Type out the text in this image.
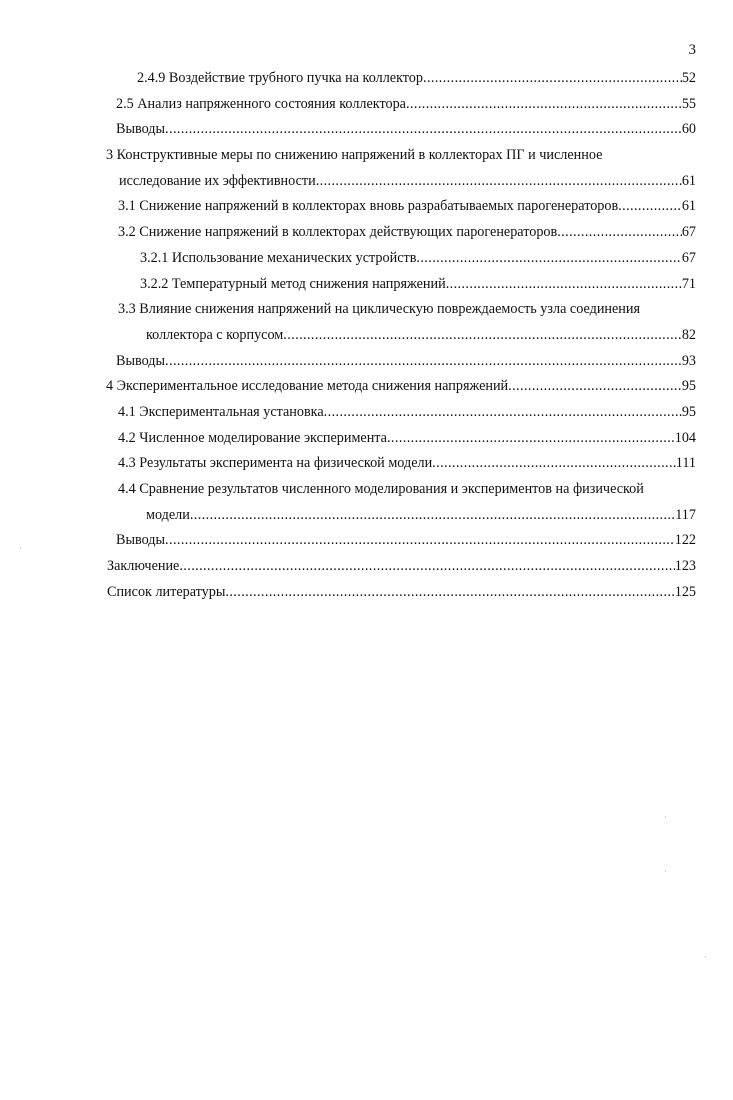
3
2.4.9 Воздействие трубного пучка на коллектор .....	52
2.5 Анализ напряженного состояния коллектора .....	55
Выводы .....	60
3 Конструктивные меры по снижению напряжений в коллекторах ПГ и численное
исследование их эффективности .....	61
3.1 Снижение напряжений в коллекторах вновь разрабатываемых парогенераторов .....	61
3.2 Снижение напряжений в коллекторах действующих парогенераторов .....	67
3.2.1 Использование механических устройств .....	67
3.2.2 Температурный метод снижения напряжений .....	71
3.3 Влияние снижения напряжений на циклическую повреждаемость узла соединения
коллектора с корпусом .....	82
Выводы .....	93
4 Экспериментальное исследование метода снижения напряжений .....	95
4.1 Экспериментальная установка .....	95
4.2 Численное моделирование эксперимента .....	104
4.3 Результаты эксперимента на физической модели .....	111
4.4 Сравнение результатов численного моделирования и экспериментов на физической
модели .....	117
Выводы .....	122
Заключение .....	123
Список литературы .....	125
·
·
·
·
